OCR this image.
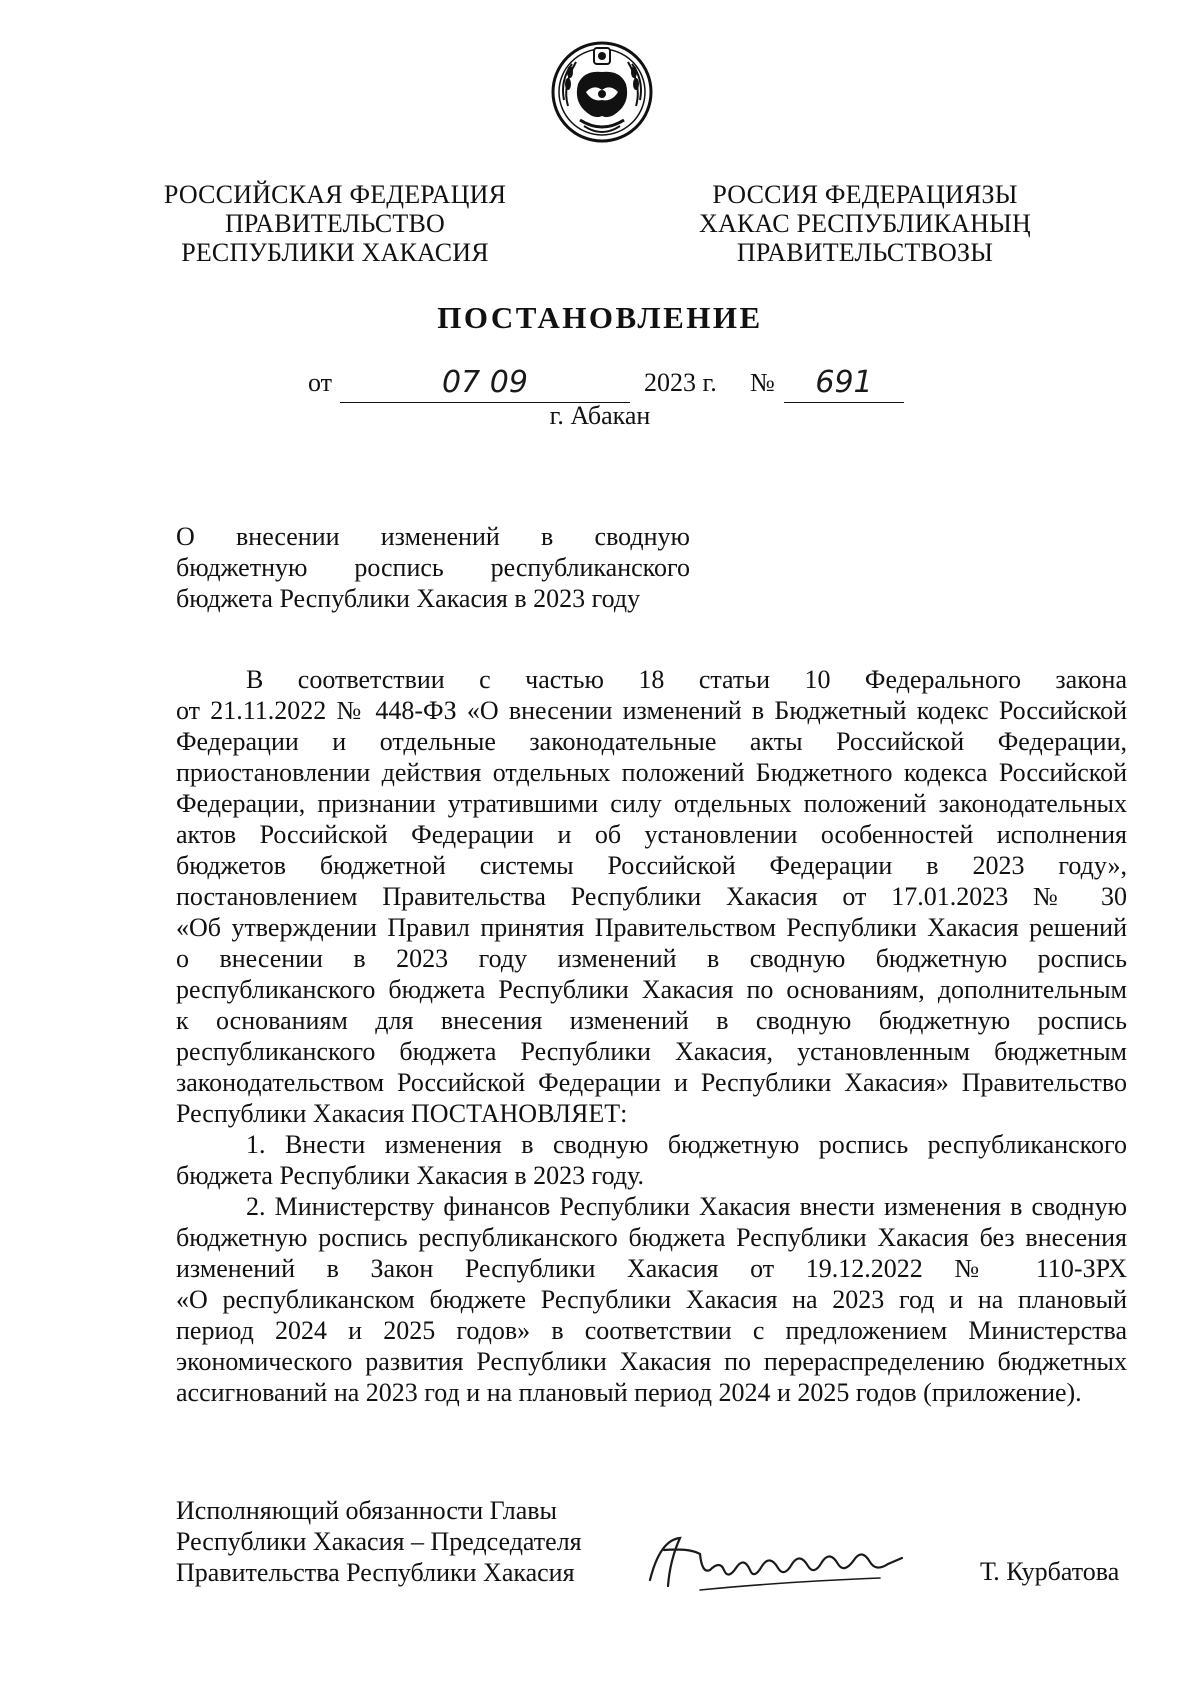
РОССИЙСКАЯ ФЕДЕРАЦИЯ
ПРАВИТЕЛЬСТВО
РЕСПУБЛИКИ ХАКАСИЯ
РОССИЯ ФЕДЕРАЦИЯЗЫ
ХАКАС РЕСПУБЛИКАНЫҢ
ПРАВИТЕЛЬСТВОЗЫ
ПОСТАНОВЛЕНИЕ
от	07 09	2023 г. №	691
г. Абакан
О внесении изменений в сводную
бюджетную роспись республиканского
бюджета Республики Хакасия в 2023 году
В соответствии с частью 18 статьи 10 Федерального закона
от 21.11.2022 № 448-ФЗ «О внесении изменений в Бюджетный кодекс Российской
Федерации и отдельные законодательные акты Российской Федерации,
приостановлении действия отдельных положений Бюджетного кодекса Российской
Федерации, признании утратившими силу отдельных положений законодательных
актов Российской Федерации и об установлении особенностей исполнения
бюджетов бюджетной системы Российской Федерации в 2023 году»,
постановлением Правительства Республики Хакасия от 17.01.2023 № 30
«Об утверждении Правил принятия Правительством Республики Хакасия решений
о внесении в 2023 году изменений в сводную бюджетную роспись
республиканского бюджета Республики Хакасия по основаниям, дополнительным
к основаниям для внесения изменений в сводную бюджетную роспись
республиканского бюджета Республики Хакасия, установленным бюджетным
законодательством Российской Федерации и Республики Хакасия» Правительство
Республики Хакасия ПОСТАНОВЛЯЕТ:
1. Внести изменения в сводную бюджетную роспись республиканского
бюджета Республики Хакасия в 2023 году.
2. Министерству финансов Республики Хакасия внести изменения в сводную
бюджетную роспись республиканского бюджета Республики Хакасия без внесения
изменений в Закон Республики Хакасия от 19.12.2022 № 110-ЗРХ
«О республиканском бюджете Республики Хакасия на 2023 год и на плановый
период 2024 и 2025 годов» в соответствии с предложением Министерства
экономического развития Республики Хакасия по перераспределению бюджетных
ассигнований на 2023 год и на плановый период 2024 и 2025 годов (приложение).
Исполняющий обязанности Главы
Республики Хакасия – Председателя
Правительства Республики Хакасия	Т. Курбатова
